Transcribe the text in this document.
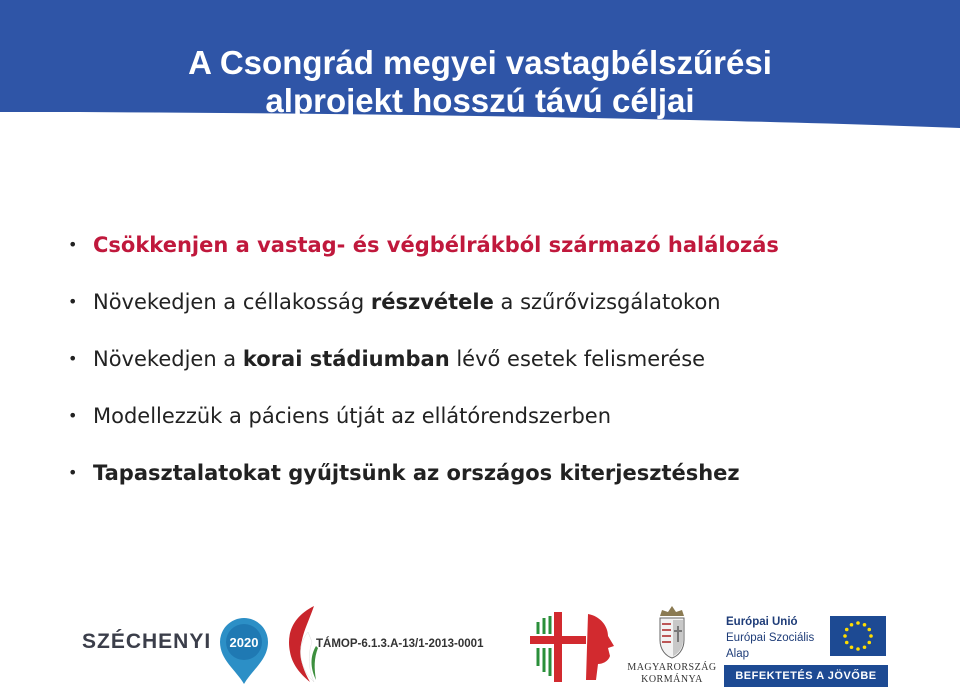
A Csongrád megyei vastagbélszűrési
alprojekt hosszú távú céljai
• Csökkenjen a vastag- és végbélrákból származó halálozás
• Növekedjen a céllakosság részvétele a szűrővizsgálatokon
• Növekedjen a korai stádiumban lévő esetek felismerése
• Modellezzük a páciens útját az ellátórendszerben
• Tapasztalatokat gyűjtsünk az országos kiterjesztéshez
SZÉCHENYI 2020	TÁMOP-6.1.3.A-13/1-2013-0001
MAGYARORSZÁG
KORMÁNYA
Európai Unió
Európai Szociális
Alap
BEFEKTETÉS A JÖVŐBE
